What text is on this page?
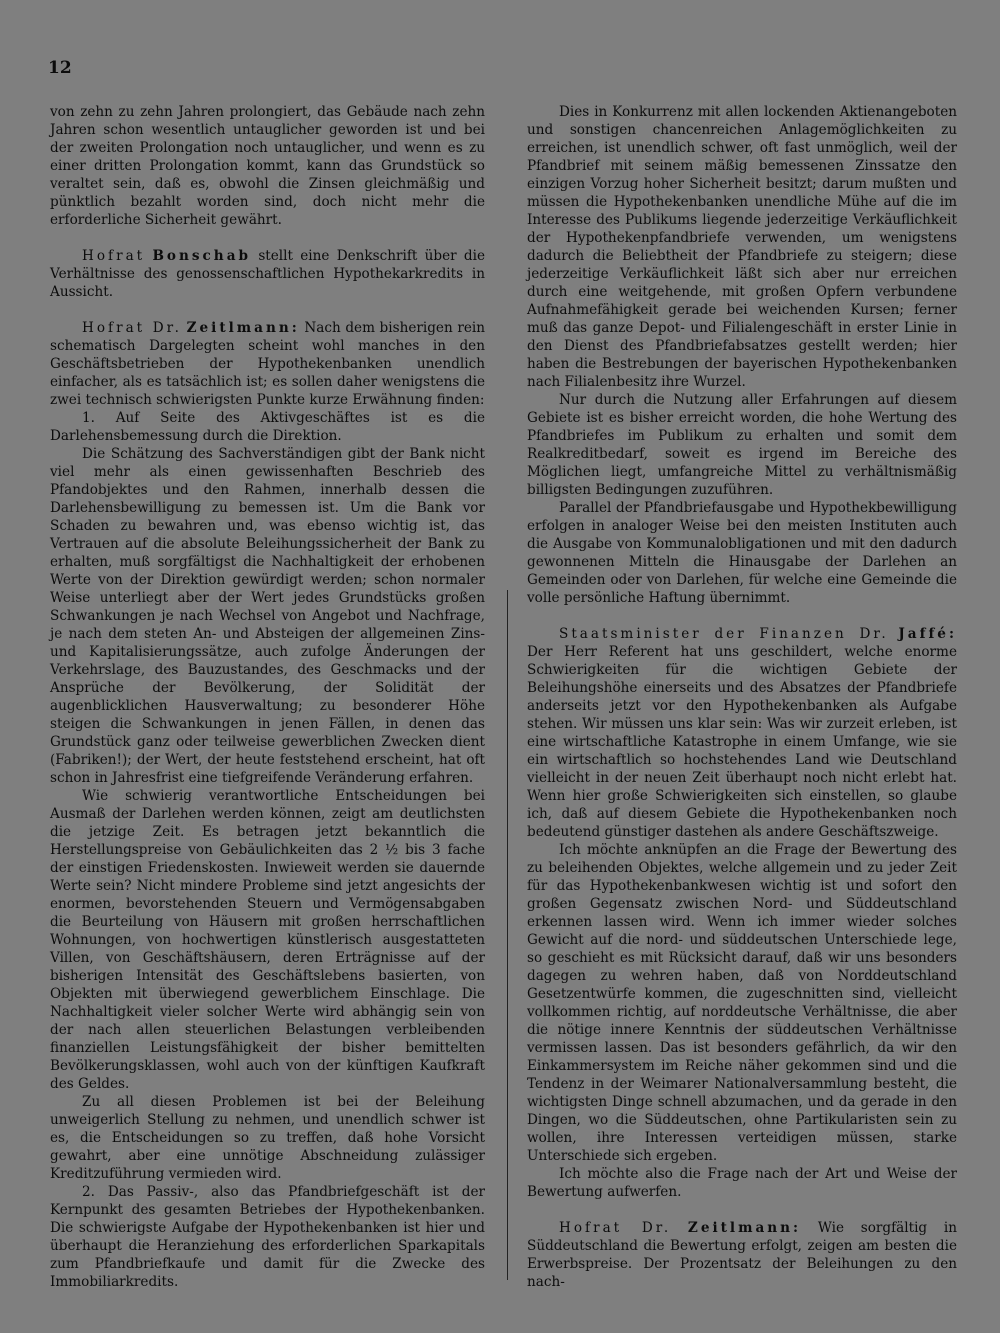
12

von zehn zu zehn Jahren prolongiert, das Gebäude nach zehn Jahren schon wesentlich untauglicher geworden ist und bei der zweiten Prolongation noch untauglicher, und wenn es zu einer dritten Prolongation kommt, kann das Grundstück so veraltet sein, daß es, obwohl die Zinsen gleichmäßig und pünktlich bezahlt worden sind, doch nicht mehr die erforderliche Sicherheit gewährt.

Hofrat Bonschab stellt eine Denkschrift über die Verhältnisse des genossenschaftlichen Hypothekarkredits in Aussicht.

Hofrat Dr. Zeitlmann: Nach dem bisherigen rein schematisch Dargelegten scheint wohl manches in den Geschäftsbetrieben der Hypothekenbanken unendlich einfacher, als es tatsächlich ist; es sollen daher wenigstens die zwei technisch schwierigsten Punkte kurze Erwähnung finden:

1. Auf Seite des Aktivgeschäftes ist es die Darlehensbemessung durch die Direktion.

Die Schätzung des Sachverständigen gibt der Bank nicht viel mehr als einen gewissenhaften Beschrieb des Pfandobjektes und den Rahmen, innerhalb dessen die Darlehensbewilligung zu bemessen ist. Um die Bank vor Schaden zu bewahren und, was ebenso wichtig ist, das Vertrauen auf die absolute Beleihungssicherheit der Bank zu erhalten, muß sorgfältigst die Nachhaltigkeit der erhobenen Werte von der Direktion gewürdigt werden; schon normaler Weise unterliegt aber der Wert jedes Grundstücks großen Schwankungen je nach Wechsel von Angebot und Nachfrage, je nach dem steten An- und Absteigen der allgemeinen Zins- und Kapitalisierungssätze, auch zufolge Änderungen der Verkehrslage, des Bauzustandes, des Geschmacks und der Ansprüche der Bevölkerung, der Solidität der augenblicklichen Hausverwaltung; zu besonderer Höhe steigen die Schwankungen in jenen Fällen, in denen das Grundstück ganz oder teilweise gewerblichen Zwecken dient (Fabriken!); der Wert, der heute feststehend erscheint, hat oft schon in Jahresfrist eine tiefgreifende Veränderung erfahren.

Wie schwierig verantwortliche Entscheidungen bei Ausmaß der Darlehen werden können, zeigt am deutlichsten die jetzige Zeit. Es betragen jetzt bekanntlich die Herstellungspreise von Gebäulichkeiten das 2 ½ bis 3 fache der einstigen Friedenskosten. Inwieweit werden sie dauernde Werte sein? Nicht mindere Probleme sind jetzt angesichts der enormen, bevorstehenden Steuern und Vermögensabgaben die Beurteilung von Häusern mit großen herrschaftlichen Wohnungen, von hochwertigen künstlerisch ausgestatteten Villen, von Geschäftshäusern, deren Erträgnisse auf der bisherigen Intensität des Geschäftslebens basierten, von Objekten mit überwiegend gewerblichem Einschlage. Die Nachhaltigkeit vieler solcher Werte wird abhängig sein von der nach allen steuerlichen Belastungen verbleibenden finanziellen Leistungsfähigkeit der bisher bemittelten Bevölkerungsklassen, wohl auch von der künftigen Kaufkraft des Geldes.

Zu all diesen Problemen ist bei der Beleihung unweigerlich Stellung zu nehmen, und unendlich schwer ist es, die Entscheidungen so zu treffen, daß hohe Vorsicht gewahrt, aber eine unnötige Abschneidung zulässiger Kreditzuführung vermieden wird.

2. Das Passiv-, also das Pfandbriefgeschäft ist der Kernpunkt des gesamten Betriebes der Hypothekenbanken. Die schwierigste Aufgabe der Hypothekenbanken ist hier und überhaupt die Heranziehung des erforderlichen Sparkapitals zum Pfandbriefkaufe und damit für die Zwecke des Immobiliarkredits.

Dies in Konkurrenz mit allen lockenden Aktienangeboten und sonstigen chancenreichen Anlagemöglichkeiten zu erreichen, ist unendlich schwer, oft fast unmöglich, weil der Pfandbrief mit seinem mäßig bemessenen Zinssatze den einzigen Vorzug hoher Sicherheit besitzt; darum mußten und müssen die Hypothekenbanken unendliche Mühe auf die im Interesse des Publikums liegende jederzeitige Verkäuflichkeit der Hypothekenpfandbriefe verwenden, um wenigstens dadurch die Beliebtheit der Pfandbriefe zu steigern; diese jederzeitige Verkäuflichkeit läßt sich aber nur erreichen durch eine weitgehende, mit großen Opfern verbundene Aufnahmefähigkeit gerade bei weichenden Kursen; ferner muß das ganze Depot- und Filialengeschäft in erster Linie in den Dienst des Pfandbriefabsatzes gestellt werden; hier haben die Bestrebungen der bayerischen Hypothekenbanken nach Filialenbesitz ihre Wurzel.

Nur durch die Nutzung aller Erfahrungen auf diesem Gebiete ist es bisher erreicht worden, die hohe Wertung des Pfandbriefes im Publikum zu erhalten und somit dem Realkreditbedarf, soweit es irgend im Bereiche des Möglichen liegt, umfangreiche Mittel zu verhältnismäßig billigsten Bedingungen zuzuführen.

Parallel der Pfandbriefausgabe und Hypothekbewilligung erfolgen in analoger Weise bei den meisten Instituten auch die Ausgabe von Kommunalobligationen und mit den dadurch gewonnenen Mitteln die Hinausgabe der Darlehen an Gemeinden oder von Darlehen, für welche eine Gemeinde die volle persönliche Haftung übernimmt.

Staatsminister der Finanzen Dr. Jaffé: Der Herr Referent hat uns geschildert, welche enorme Schwierigkeiten für die wichtigen Gebiete der Beleihungshöhe einerseits und des Absatzes der Pfandbriefe anderseits jetzt vor den Hypothekenbanken als Aufgabe stehen. Wir müssen uns klar sein: Was wir zurzeit erleben, ist eine wirtschaftliche Katastrophe in einem Umfange, wie sie ein wirtschaftlich so hochstehendes Land wie Deutschland vielleicht in der neuen Zeit überhaupt noch nicht erlebt hat. Wenn hier große Schwierigkeiten sich einstellen, so glaube ich, daß auf diesem Gebiete die Hypothekenbanken noch bedeutend günstiger dastehen als andere Geschäftszweige.

Ich möchte anknüpfen an die Frage der Bewertung des zu beleihenden Objektes, welche allgemein und zu jeder Zeit für das Hypothekenbankwesen wichtig ist und sofort den großen Gegensatz zwischen Nord- und Süddeutschland erkennen lassen wird. Wenn ich immer wieder solches Gewicht auf die nord- und süddeutschen Unterschiede lege, so geschieht es mit Rücksicht darauf, daß wir uns besonders dagegen zu wehren haben, daß von Norddeutschland Gesetzentwürfe kommen, die zugeschnitten sind, vielleicht vollkommen richtig, auf norddeutsche Verhältnisse, die aber die nötige innere Kenntnis der süddeutschen Verhältnisse vermissen lassen. Das ist besonders gefährlich, da wir den Einkammersystem im Reiche näher gekommen sind und die Tendenz in der Weimarer Nationalversammlung besteht, die wichtigsten Dinge schnell abzumachen, und da gerade in den Dingen, wo die Süddeutschen, ohne Partikularisten sein zu wollen, ihre Interessen verteidigen müssen, starke Unterschiede sich ergeben.

Ich möchte also die Frage nach der Art und Weise der Bewertung aufwerfen.

Hofrat Dr. Zeitlmann: Wie sorgfältig in Süddeutschland die Bewertung erfolgt, zeigen am besten die Erwerbspreise. Der Prozentsatz der Beleihungen zu den nach-
